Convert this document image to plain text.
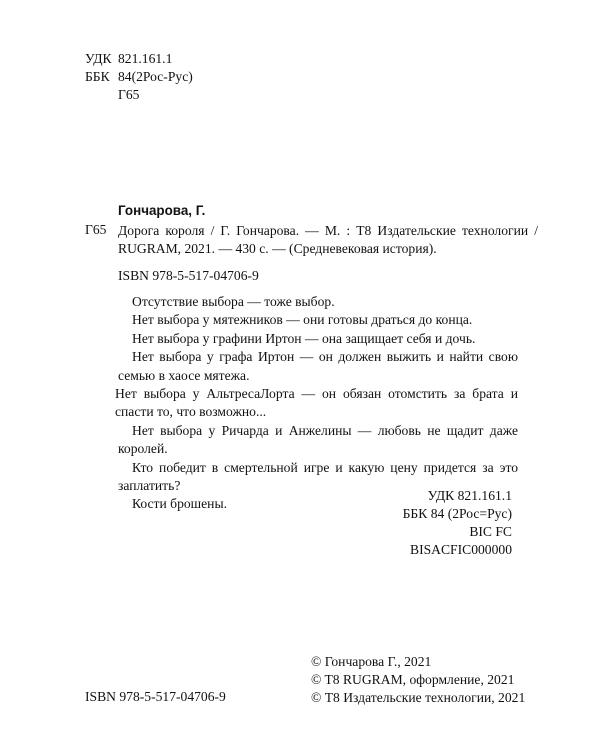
УДК 821.161.1
ББК 84(2Рос-Рус)
Г65
Гончарова, Г.
Г65 Дорога короля / Г. Гончарова. — М. : Т8 Издательские технологии / RUGRAM, 2021. — 430 с. — (Средневековая история).
ISBN 978-5-517-04706-9

Отсутствие выбора — тоже выбор.

Нет выбора у мятежников — они готовы драться до конца.

Нет выбора у графини Иртон — она защищает себя и дочь.

Нет выбора у графа Иртон — он должен выжить и найти свою семью в хаосе мятежа.

Нет выбора у АльтресаЛорта — он обязан отомстить за брата и спасти то, что возможно...

Нет выбора у Ричарда и Анжелины — любовь не щадит даже королей.

Кто победит в смертельной игре и какую цену придется за это заплатить?

Кости брошены.

УДК 821.161.1
ББК 84 (2Рос=Рус)
BIC FC
BISACFIC000000
© Гончарова Г., 2021
© T8 RUGRAM, оформление, 2021
© Т8 Издательские технологии, 2021
ISBN 978-5-517-04706-9
